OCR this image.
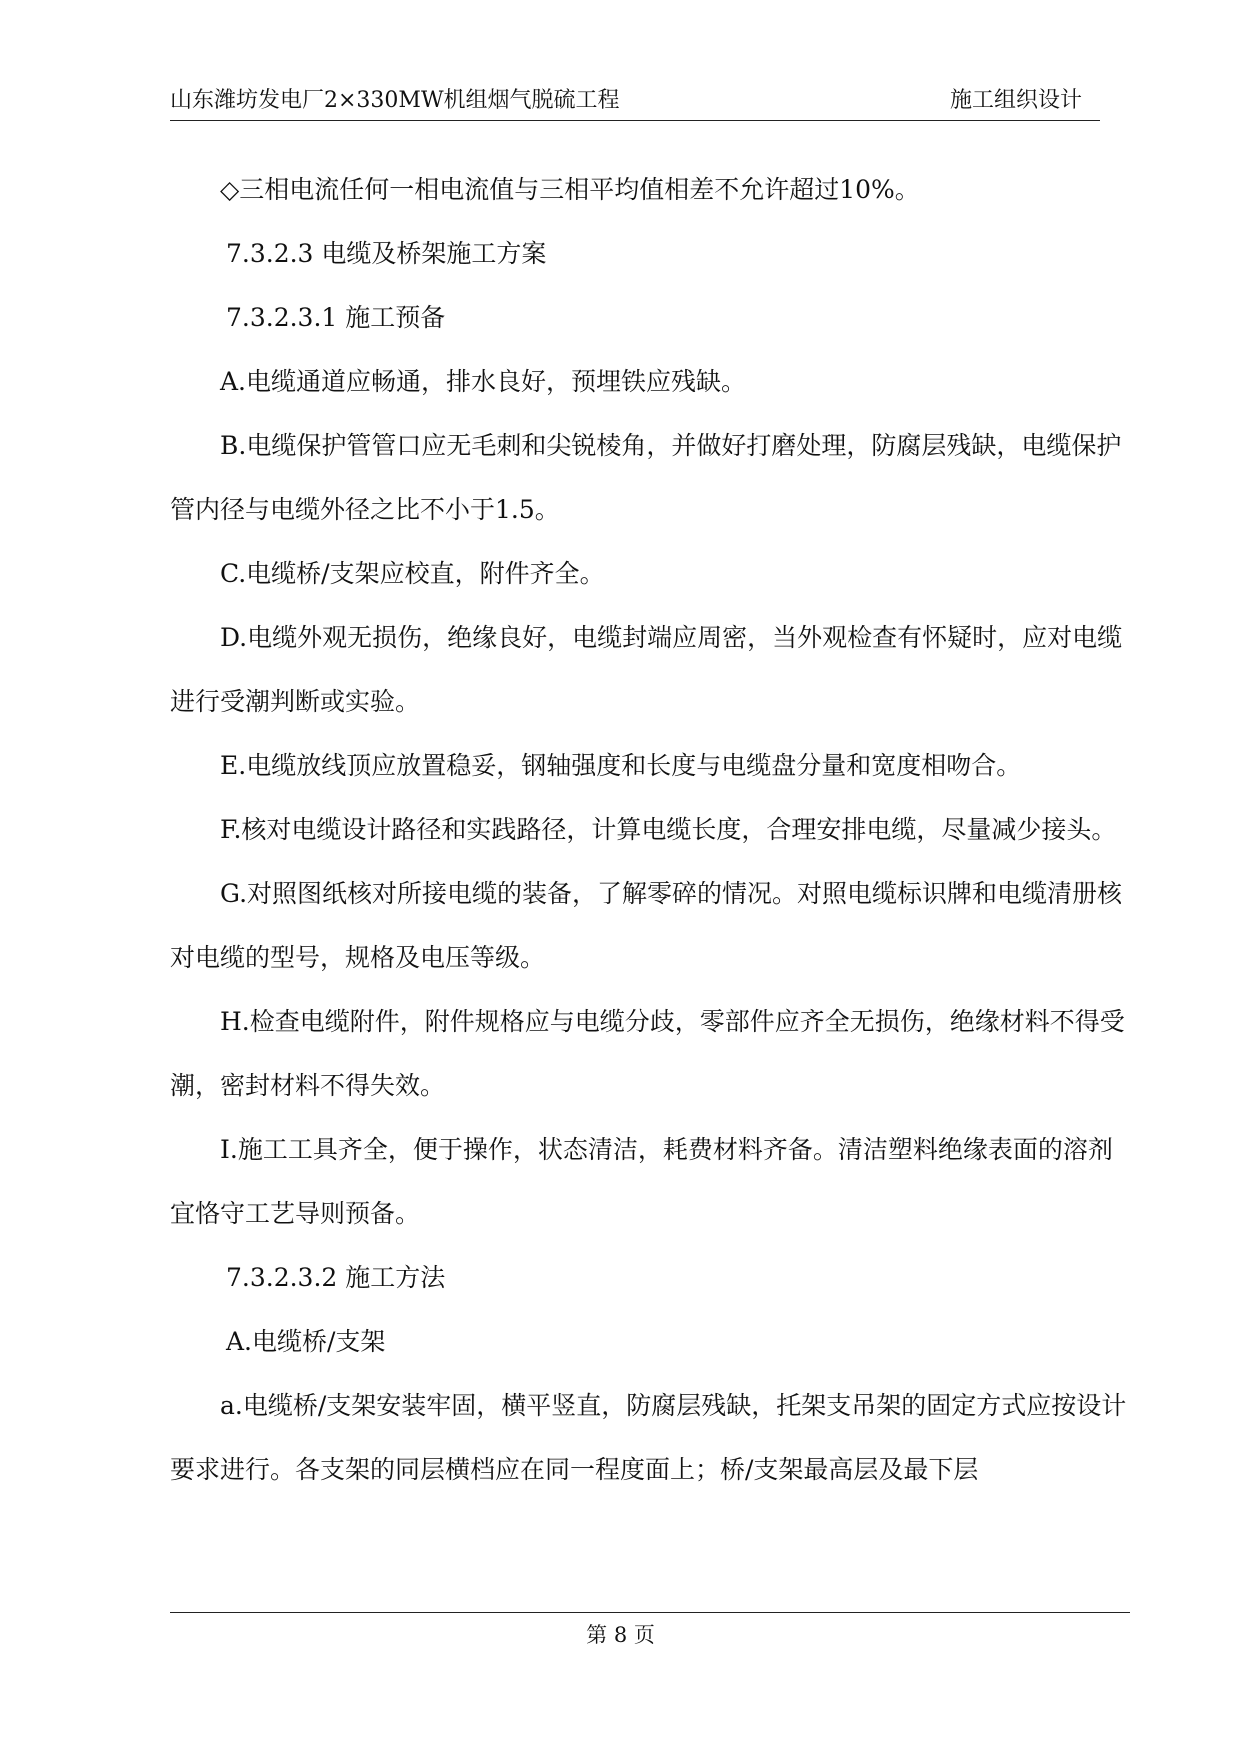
山东潍坊发电厂2×330MW机组烟气脱硫工程	施工组织设计

◇三相电流任何一相电流值与三相平均值相差不允许超过10%。

7.3.2.3 电缆及桥架施工方案

7.3.2.3.1 施工预备

A.电缆通道应畅通，排水良好，预埋铁应残缺。

B.电缆保护管管口应无毛刺和尖锐棱角，并做好打磨处理，防腐层残缺，电缆保护管内径与电缆外径之比不小于1.5。

C.电缆桥/支架应校直，附件齐全。

D.电缆外观无损伤，绝缘良好，电缆封端应周密，当外观检查有怀疑时，应对电缆进行受潮判断或实验。

E.电缆放线顶应放置稳妥，钢轴强度和长度与电缆盘分量和宽度相吻合。

F.核对电缆设计路径和实践路径，计算电缆长度，合理安排电缆，尽量减少接头。

G.对照图纸核对所接电缆的装备，了解零碎的情况。对照电缆标识牌和电缆清册核对电缆的型号，规格及电压等级。

H.检查电缆附件，附件规格应与电缆分歧，零部件应齐全无损伤，绝缘材料不得受潮，密封材料不得失效。

I.施工工具齐全，便于操作，状态清洁，耗费材料齐备。清洁塑料绝缘表面的溶剂宜恪守工艺导则预备。

7.3.2.3.2 施工方法

A.电缆桥/支架

a.电缆桥/支架安装牢固，横平竖直，防腐层残缺，托架支吊架的固定方式应按设计要求进行。各支架的同层横档应在同一程度面上；桥/支架最高层及最下层

第 8 页
